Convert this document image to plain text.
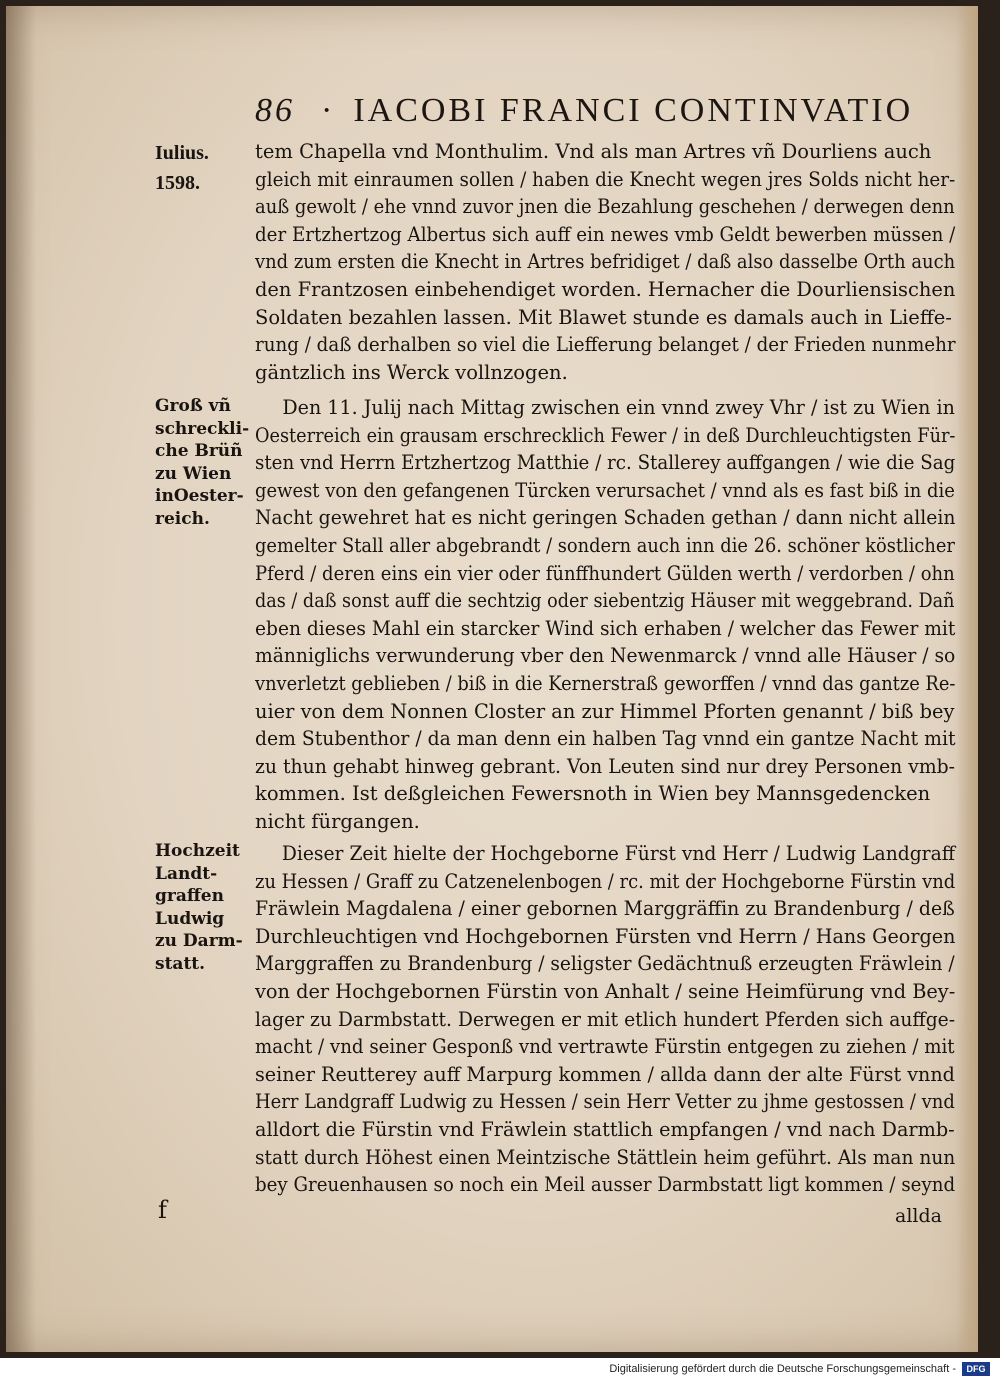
86 · IACOBI FRANCI CONTINVATIO
Iulius.
1598.
Groß vñ
schreckli-
che Brüñ
zu Wien
inOester-
reich.
Hochzeit
Landt-
graffen
Ludwig
zu Darm-
statt.
tem Chapella vnd Monthulim. Vnd als man Artres vñ Dourliens auch
gleich mit einraumen sollen / haben die Knecht wegen jres Solds nicht her-
auß gewolt / ehe vnnd zuvor jnen die Bezahlung geschehen / derwegen denn
der Ertzhertzog Albertus sich auff ein newes vmb Geldt bewerben müssen /
vnd zum ersten die Knecht in Artres befridiget / daß also dasselbe Orth auch
den Frantzosen einbehendiget worden. Hernacher die Dourliensischen
Soldaten bezahlen lassen. Mit Blawet stunde es damals auch in Lieffe-
rung / daß derhalben so viel die Liefferung belanget / der Frieden nunmehr
gäntzlich ins Werck vollnzogen.
Den 11. Julij nach Mittag zwischen ein vnnd zwey Vhr / ist zu Wien in
Oesterreich ein grausam erschrecklich Fewer / in deß Durchleuchtigsten Für-
sten vnd Herrn Ertzhertzog Matthie / rc. Stallerey auffgangen / wie die Sag
gewest von den gefangenen Türcken verursachet / vnnd als es fast biß in die
Nacht gewehret hat es nicht geringen Schaden gethan / dann nicht allein
gemelter Stall aller abgebrandt / sondern auch inn die 26. schöner köstlicher
Pferd / deren eins ein vier oder fünffhundert Gülden werth / verdorben / ohn
das / daß sonst auff die sechtzig oder siebentzig Häuser mit weggebrand. Dañ
eben dieses Mahl ein starcker Wind sich erhaben / welcher das Fewer mit
männiglichs verwunderung vber den Newenmarck / vnnd alle Häuser / so
vnverletzt geblieben / biß in die Kernerstraß geworffen / vnnd das gantze Re-
uier von dem Nonnen Closter an zur Himmel Pforten genannt / biß bey
dem Stubenthor / da man denn ein halben Tag vnnd ein gantze Nacht mit
zu thun gehabt hinweg gebrant. Von Leuten sind nur drey Personen vmb-
kommen. Ist deßgleichen Fewersnoth in Wien bey Mannsgedencken
nicht fürgangen.
Dieser Zeit hielte der Hochgeborne Fürst vnd Herr / Ludwig Landgraff
zu Hessen / Graff zu Catzenelenbogen / rc. mit der Hochgeborne Fürstin vnd
Fräwlein Magdalena / einer gebornen Marggräffin zu Brandenburg / deß
Durchleuchtigen vnd Hochgebornen Fürsten vnd Herrn / Hans Georgen
Marggraffen zu Brandenburg / seligster Gedächtnuß erzeugten Fräwlein /
von der Hochgebornen Fürstin von Anhalt / seine Heimfürung vnd Bey-
lager zu Darmbstatt. Derwegen er mit etlich hundert Pferden sich auffge-
macht / vnd seiner Gesponß vnd vertrawte Fürstin entgegen zu ziehen / mit
seiner Reutterey auff Marpurg kommen / allda dann der alte Fürst vnnd
Herr Landgraff Ludwig zu Hessen / sein Herr Vetter zu jhme gestossen / vnd
alldort die Fürstin vnd Fräwlein stattlich empfangen / vnd nach Darmb-
statt durch Höhest einen Meintzische Stättlein heim geführt. Als man nun
bey Greuenhausen so noch ein Meil ausser Darmbstatt ligt kommen / seynd
f	allda
Digitalisierung gefördert durch die Deutsche Forschungsgemeinschaft -	DFG
